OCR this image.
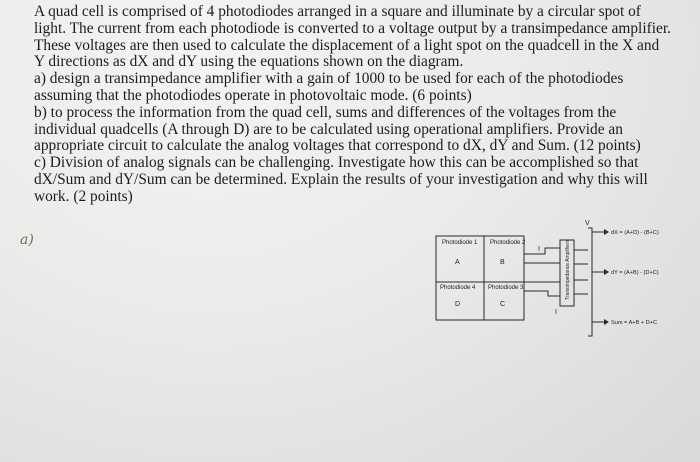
A quad cell is comprised of 4 photodiodes arranged in a square and illuminate by a circular spot of

light. The current from each photodiode is converted to a voltage output by a transimpedance amplifier.

These voltages are then used to calculate the displacement of a light spot on the quadcell in the X and

Y directions as dX and dY using the equations shown on the diagram.

a) design a transimpedance amplifier with a gain of 1000 to be used for each of the photodiodes

assuming that the photodiodes operate in photovoltaic mode. (6 points)

b) to process the information from the quad cell, sums and differences of the voltages from the

individual quadcells (A through D) are to be calculated using operational amplifiers. Provide an

appropriate circuit to calculate the analog voltages that correspond to dX, dY and Sum. (12 points)

c) Division of analog signals can be challenging. Investigate how this can be accomplished so that

dX/Sum and dY/Sum can be determined. Explain the results of your investigation and why this will

work. (2 points)

a)	Photodiode 1 Photodiode 2
Photodiode 4 Photodiode 3
A	B
D	C
Transimpedance Amplifiers
V
I
I
dX = (A+D) - (B+C)
dY = (A+B) - (D+C)
Sum = A+B + D+C
